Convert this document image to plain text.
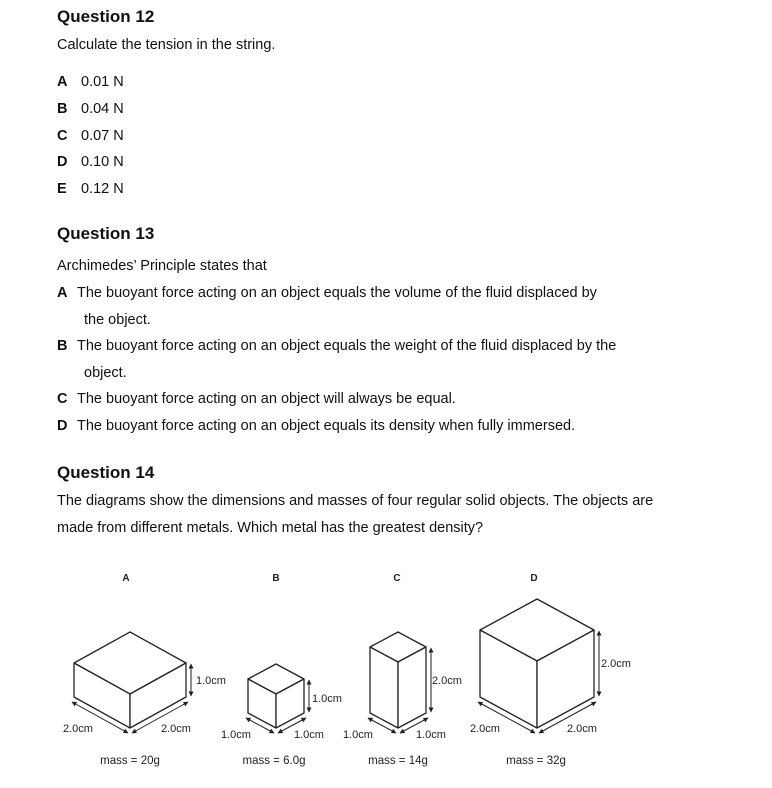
Question 12
Calculate the tension in the string.
A 0.01 N
B 0.04 N
C 0.07 N
D 0.10 N
E 0.12 N
Question 13
Archimedes’ Principle states that
A The buoyant force acting on an object equals the volume of the fluid displaced by
the object.
B The buoyant force acting on an object equals the weight of the fluid displaced by the
object.
C The buoyant force acting on an object will always be equal.
D The buoyant force acting on an object equals its density when fully immersed.
Question 14
The diagrams show the dimensions and masses of four regular solid objects. The objects are
made from different metals. Which metal has the greatest density?
A	B	C	D
2.0cm	2.0cm
1.0cm
1.0cm	1.0cm
1.0cm
1.0cm	1.0cm
2.0cm
2.0cm	2.0cm
2.0cm
mass = 20g	mass = 6.0g	mass = 14g	mass = 32g
